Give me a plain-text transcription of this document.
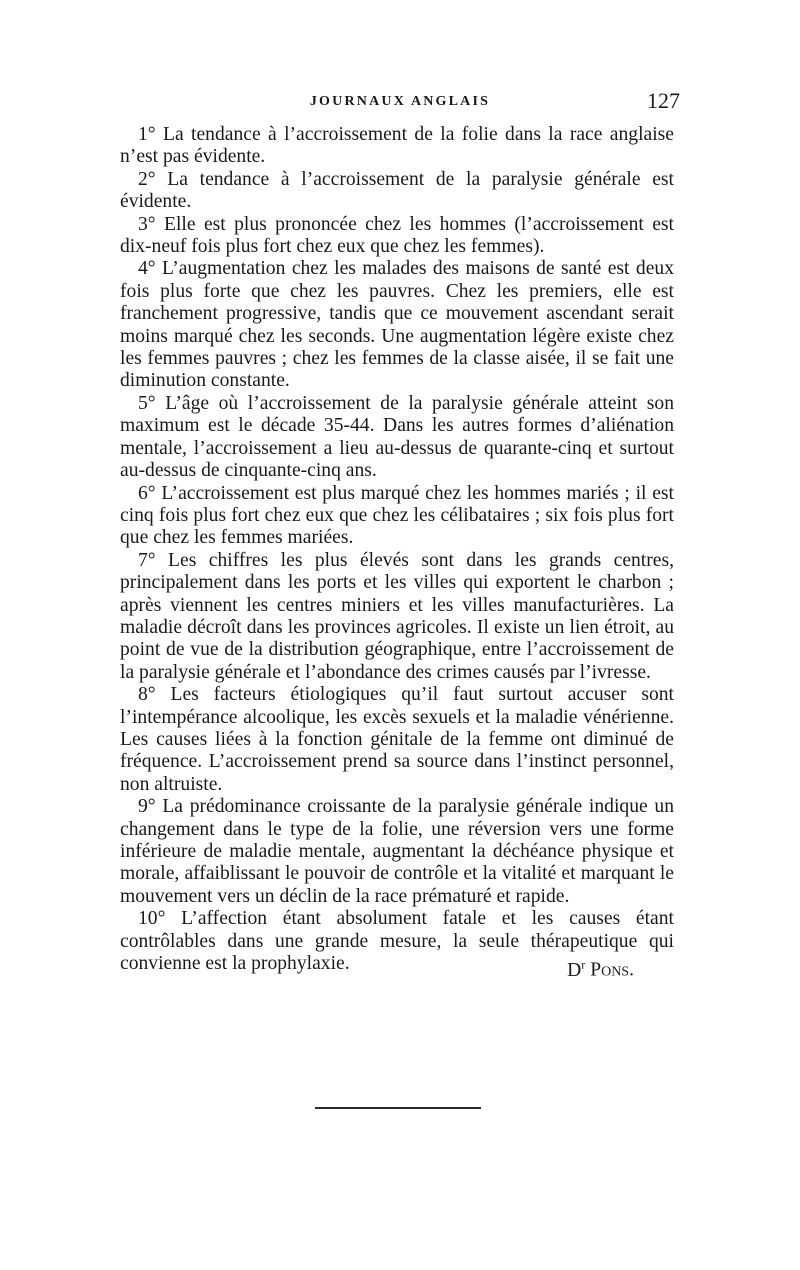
JOURNAUX ANGLAIS	127
1° La tendance à l’accroissement de la folie dans la race anglaise n’est pas évidente.
2° La tendance à l’accroissement de la paralysie générale est évidente.
3° Elle est plus prononcée chez les hommes (l’accroissement est dix-neuf fois plus fort chez eux que chez les femmes).
4° L’augmentation chez les malades des maisons de santé est deux fois plus forte que chez les pauvres. Chez les premiers, elle est franchement progressive, tandis que ce mouvement ascendant serait moins marqué chez les seconds. Une augmentation légère existe chez les femmes pauvres ; chez les femmes de la classe aisée, il se fait une diminution constante.
5° L’âge où l’accroissement de la paralysie générale atteint son maximum est le décade 35-44. Dans les autres formes d’aliénation mentale, l’accroissement a lieu au-dessus de quarante-cinq et surtout au-dessus de cinquante-cinq ans.
6° L’accroissement est plus marqué chez les hommes mariés ; il est cinq fois plus fort chez eux que chez les célibataires ; six fois plus fort que chez les femmes mariées.
7° Les chiffres les plus élevés sont dans les grands centres, principalement dans les ports et les villes qui exportent le charbon ; après viennent les centres miniers et les villes manufacturières. La maladie décroît dans les provinces agricoles. Il existe un lien étroit, au point de vue de la distribution géographique, entre l’accroissement de la paralysie générale et l’abondance des crimes causés par l’ivresse.
8° Les facteurs étiologiques qu’il faut surtout accuser sont l’intempérance alcoolique, les excès sexuels et la maladie vénérienne. Les causes liées à la fonction génitale de la femme ont diminué de fréquence. L’accroissement prend sa source dans l’instinct personnel, non altruiste.
9° La prédominance croissante de la paralysie générale indique un changement dans le type de la folie, une réversion vers une forme inférieure de maladie mentale, augmentant la déchéance physique et morale, affaiblissant le pouvoir de contrôle et la vitalité et marquant le mouvement vers un déclin de la race prématuré et rapide.
10° L’affection étant absolument fatale et les causes étant contrôlables dans une grande mesure, la seule thérapeutique qui convienne est la prophylaxie.	$D^r$ Pons.
